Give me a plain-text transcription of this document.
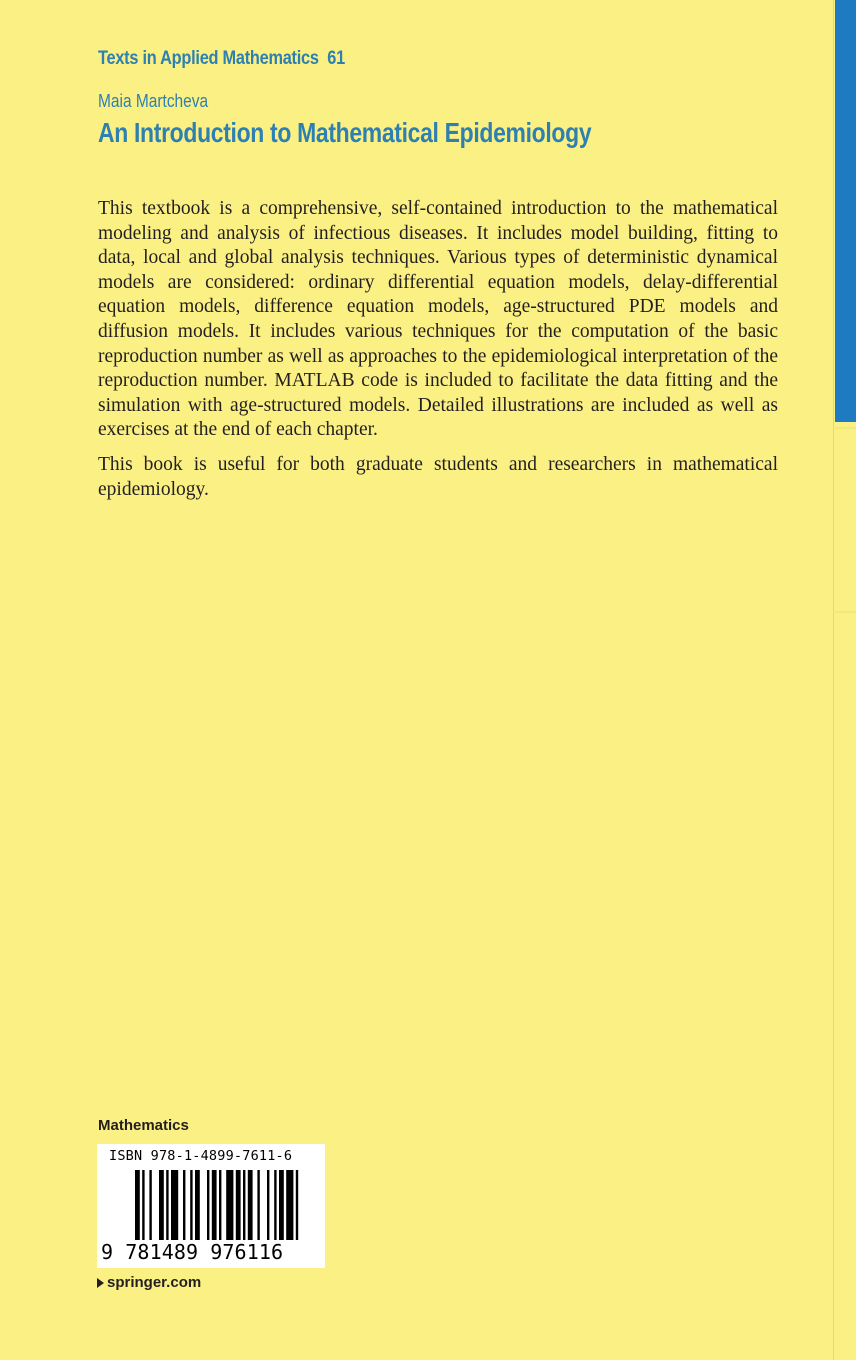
Texts in Applied Mathematics 61
Maia Martcheva
An Introduction to Mathematical Epidemiology

This textbook is a comprehensive, self-contained introduction to the mathematical modeling and analysis of infectious diseases. It includes model building, fitting to data, local and global analysis techniques. Various types of deterministic dynamical models are considered: ordinary differential equation models, delay-differential equation models, difference equation models, age-structured PDE models and diffusion models. It includes various techniques for the computation of the basic reproduction number as well as approaches to the epidemiological interpretation of the reproduction number. MATLAB code is included to facilitate the data fitting and the simulation with age-structured models. Detailed illustrations are included as well as exercises at the end of each chapter.

This book is useful for both graduate students and researchers in mathematical epidemiology.

Mathematics
ISBN 978-1-4899-7611-6
9 781489 976116
springer.com
